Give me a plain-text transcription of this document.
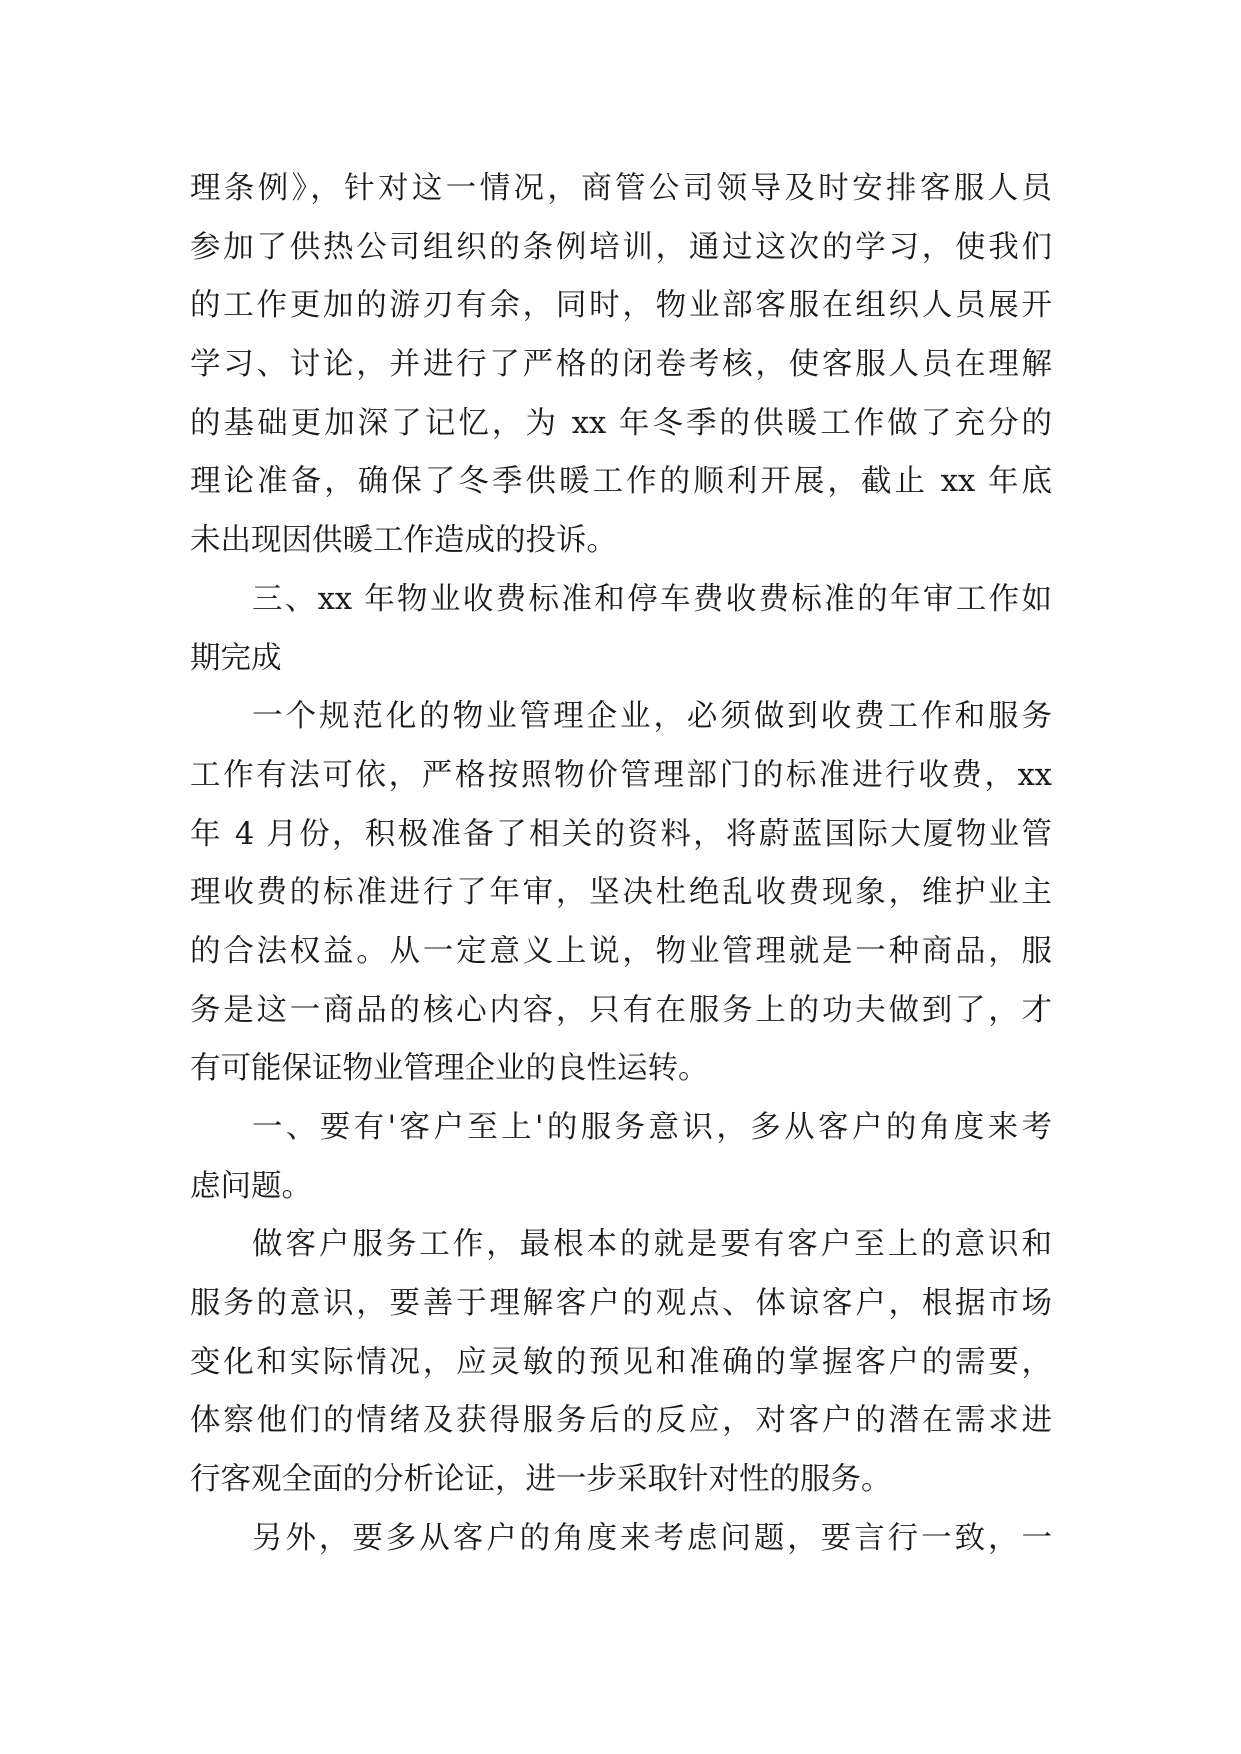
理条例》，针对这一情况，商管公司领导及时安排客服人员
参加了供热公司组织的条例培训，通过这次的学习，使我们
的工作更加的游刃有余，同时，物业部客服在组织人员展开
学习、讨论，并进行了严格的闭卷考核，使客服人员在理解
的基础更加深了记忆，为 xx 年冬季的供暖工作做了充分的
理论准备，确保了冬季供暖工作的顺利开展，截止 xx 年底
未出现因供暖工作造成的投诉。
三、xx 年物业收费标准和停车费收费标准的年审工作如
期完成
一个规范化的物业管理企业，必须做到收费工作和服务
工作有法可依，严格按照物价管理部门的标准进行收费，xx
年 4 月份，积极准备了相关的资料，将蔚蓝国际大厦物业管
理收费的标准进行了年审，坚决杜绝乱收费现象，维护业主
的合法权益。从一定意义上说，物业管理就是一种商品，服
务是这一商品的核心内容，只有在服务上的功夫做到了，才
有可能保证物业管理企业的良性运转。
一、要有'客户至上'的服务意识，多从客户的角度来考
虑问题。
做客户服务工作，最根本的就是要有客户至上的意识和
服务的意识，要善于理解客户的观点、体谅客户，根据市场
变化和实际情况，应灵敏的预见和准确的掌握客户的需要，
体察他们的情绪及获得服务后的反应，对客户的潜在需求进
行客观全面的分析论证，进一步采取针对性的服务。
另外，要多从客户的角度来考虑问题，要言行一致，一
